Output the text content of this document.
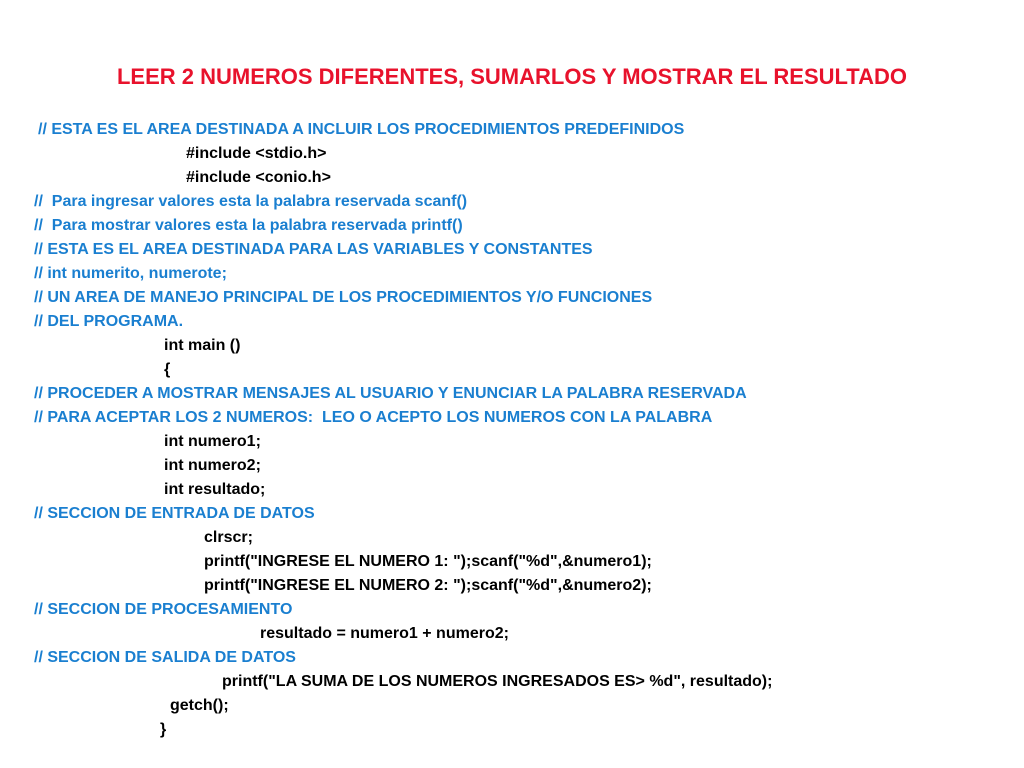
LEER 2 NUMEROS DIFERENTES, SUMARLOS Y MOSTRAR EL RESULTADO
// ESTA ES EL AREA DESTINADA A INCLUIR LOS PROCEDIMIENTOS PREDEFINIDOS
#include <stdio.h>
#include <conio.h>
//  Para ingresar valores esta la palabra reservada scanf()
//  Para mostrar valores esta la palabra reservada printf()
// ESTA ES EL AREA DESTINADA PARA LAS VARIABLES Y CONSTANTES
// int numerito, numerote;
// UN AREA DE MANEJO PRINCIPAL DE LOS PROCEDIMIENTOS Y/O FUNCIONES
// DEL PROGRAMA.
int main ()
{
// PROCEDER A MOSTRAR MENSAJES AL USUARIO Y ENUNCIAR LA PALABRA RESERVADA
// PARA ACEPTAR LOS 2 NUMEROS:  LEO O ACEPTO LOS NUMEROS CON LA PALABRA
int numero1;
int numero2;
int resultado;
// SECCION DE ENTRADA DE DATOS
clrscr;
printf("INGRESE EL NUMERO 1: ");scanf("%d",&numero1);
printf("INGRESE EL NUMERO 2: ");scanf("%d",&numero2);
// SECCION DE PROCESAMIENTO
resultado = numero1 + numero2;
// SECCION DE SALIDA DE DATOS
printf("LA SUMA DE LOS NUMEROS INGRESADOS ES> %d", resultado);
getch();
}
